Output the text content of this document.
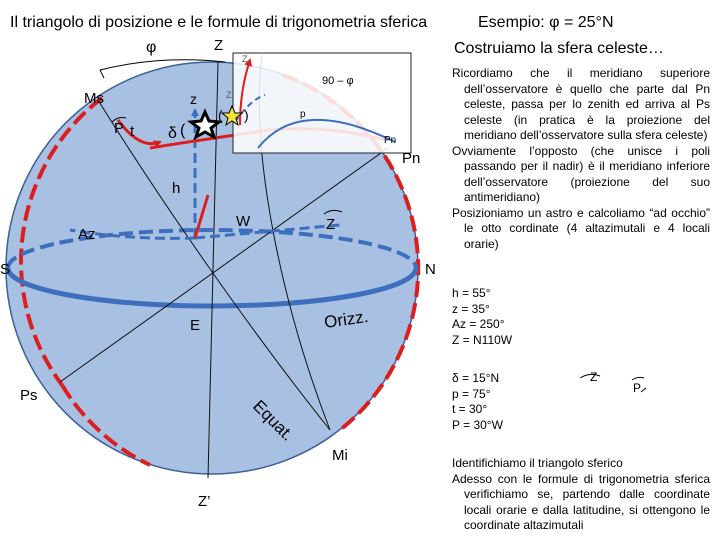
Il triangolo di posizione e le formule di trigonometria sferica	Esempio: φ = 25°N
Costruiamo la sfera celeste…

Ricordiamo che il meridiano superiore dell’osservatore è quello che parte dal Pn celeste, passa per lo zenith ed arriva al Ps celeste (in pratica è la proiezione del meridiano dell’osservatore sulla sfera celeste)

Ovviamente l’opposto (che unisce i poli passando per il nadir) è il meridiano inferiore dell’osservatore (proiezione del suo antimeridiano)

Posizioniamo un astro e calcoliamo “ad occhio” le otto cordinate (4 altazimutali e 4 locali orarie)

h = 55°
z = 35°
Az = 250°
Z = N110W
δ = 15°N
p = 75°
t = 30°
P = 30°W
Z
P

Identifichiamo il triangolo sferico

Adesso con le formule di trigonometria sferica verifichiamo se, partendo dalle coordinate locali orarie e dalla latitudine, si ottengono le coordinate altazimutali

φ	Z
Z
Ms
P t δ (
z	Z
( )
90 – φ
p
Pn
Pn
h
W	Z
Az
S	N
E	Orizz.
Ps
Equat.
Mi
Z’
